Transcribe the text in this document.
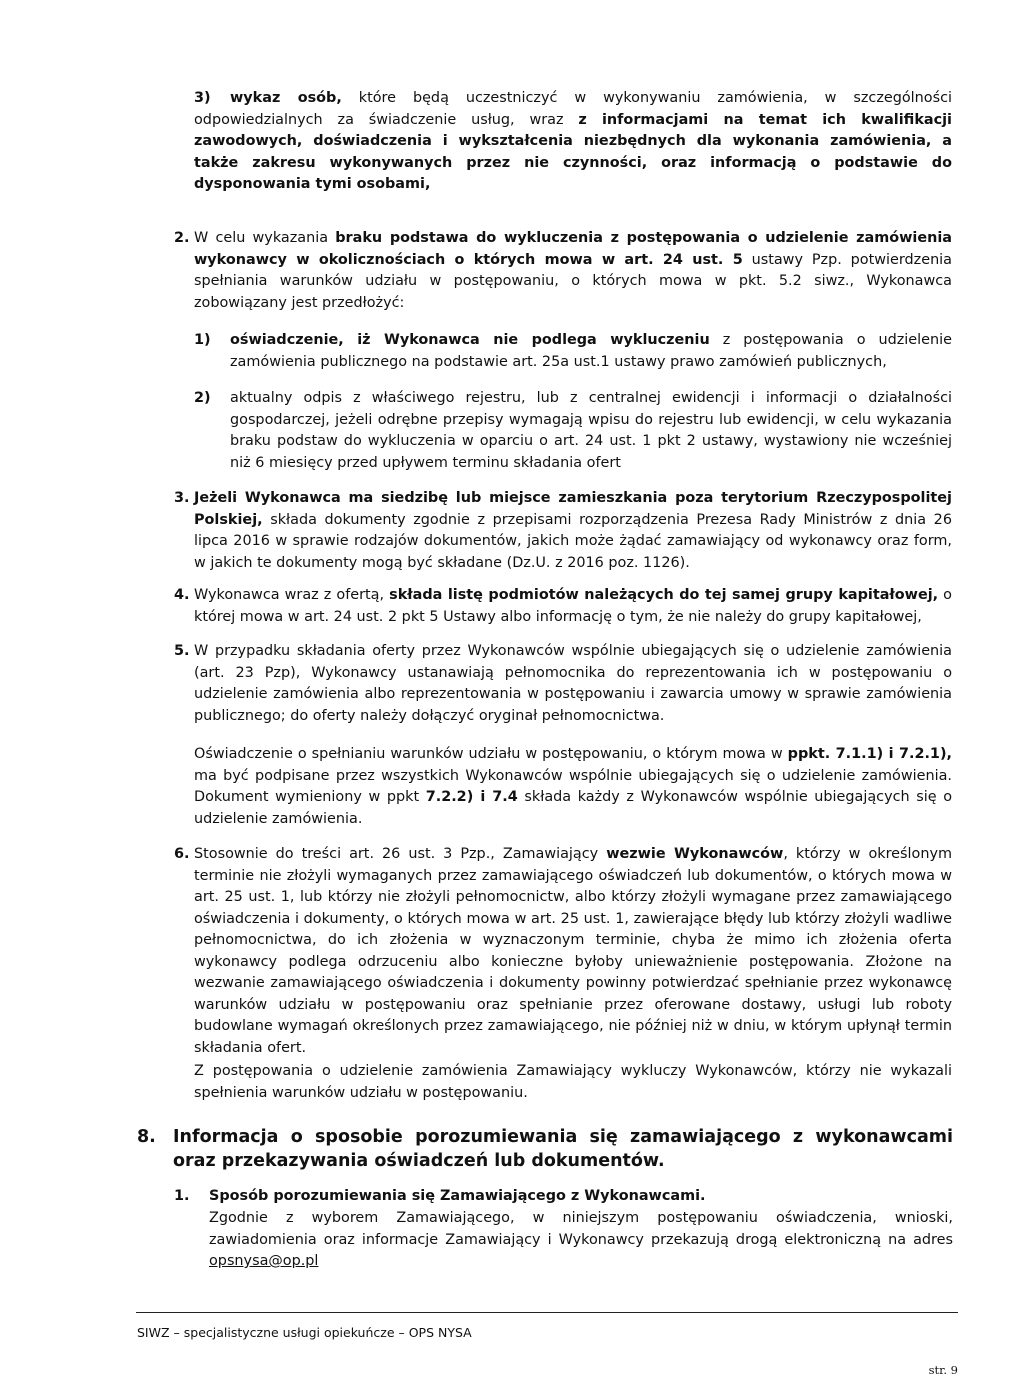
3)	wykaz osób, które będą uczestniczyć w wykonywaniu zamówienia, w szczególności odpowiedzialnych za świadczenie usług, wraz z informacjami na temat ich kwalifikacji zawodowych, doświadczenia i wykształcenia niezbędnych dla wykonania zamówienia, a także zakresu wykonywanych przez nie czynności, oraz informacją o podstawie do dysponowania tymi osobami,
2. W celu wykazania braku podstawa do wykluczenia z postępowania o udzielenie zamówienia wykonawcy w okolicznościach o których mowa w art. 24 ust. 5 ustawy Pzp. potwierdzenia spełniania warunków udziału w postępowaniu, o których mowa w pkt. 5.2 siwz., Wykonawca zobowiązany jest przedłożyć:
1) oświadczenie, iż Wykonawca nie podlega wykluczeniu z postępowania o udzielenie zamówienia publicznego na podstawie art. 25a ust.1 ustawy prawo zamówień publicznych,
2) aktualny odpis z właściwego rejestru, lub z centralnej ewidencji i informacji o działalności gospodarczej, jeżeli odrębne przepisy wymagają wpisu do rejestru lub ewidencji, w celu wykazania braku podstaw do wykluczenia w oparciu o art. 24 ust. 1 pkt 2 ustawy, wystawiony nie wcześniej niż 6 miesięcy przed upływem terminu składania ofert
3. Jeżeli Wykonawca ma siedzibę lub miejsce zamieszkania poza terytorium Rzeczypospolitej Polskiej, składa dokumenty zgodnie z przepisami rozporządzenia Prezesa Rady Ministrów z dnia 26 lipca 2016 w sprawie rodzajów dokumentów, jakich może żądać zamawiający od wykonawcy oraz form, w jakich te dokumenty mogą być składane (Dz.U. z 2016 poz. 1126).
4. Wykonawca wraz z ofertą, składa listę podmiotów należących do tej samej grupy kapitałowej, o której mowa w art. 24 ust. 2 pkt 5 Ustawy albo informację o tym, że nie należy do grupy kapitałowej,
5. W przypadku składania oferty przez Wykonawców wspólnie ubiegających się o udzielenie zamówienia (art. 23 Pzp), Wykonawcy ustanawiają pełnomocnika do reprezentowania ich w postępowaniu o udzielenie zamówienia albo reprezentowania w postępowaniu i zawarcia umowy w sprawie zamówienia publicznego; do oferty należy dołączyć oryginał pełnomocnictwa.
Oświadczenie o spełnianiu warunków udziału w postępowaniu, o którym mowa w ppkt. 7.1.1) i 7.2.1), ma być podpisane przez wszystkich Wykonawców wspólnie ubiegających się o udzielenie zamówienia. Dokument wymieniony w ppkt 7.2.2) i 7.4 składa każdy z Wykonawców wspólnie ubiegających się o udzielenie zamówienia.
6. Stosownie do treści art. 26 ust. 3 Pzp., Zamawiający wezwie Wykonawców, którzy w określonym terminie nie złożyli wymaganych przez zamawiającego oświadczeń lub dokumentów, o których mowa w art. 25 ust. 1, lub którzy nie złożyli pełnomocnictw, albo którzy złożyli wymagane przez zamawiającego oświadczenia i dokumenty, o których mowa w art. 25 ust. 1, zawierające błędy lub którzy złożyli wadliwe pełnomocnictwa, do ich złożenia w wyznaczonym terminie, chyba że mimo ich złożenia oferta wykonawcy podlega odrzuceniu albo konieczne byłoby unieważnienie postępowania. Złożone na wezwanie zamawiającego oświadczenia i dokumenty powinny potwierdzać spełnianie przez wykonawcę warunków udziału w postępowaniu oraz spełnianie przez oferowane dostawy, usługi lub roboty budowlane wymagań określonych przez zamawiającego, nie później niż w dniu, w którym upłynął termin składania ofert.
Z postępowania o udzielenie zamówienia Zamawiający wykluczy Wykonawców, którzy nie wykazali spełnienia warunków udziału w postępowaniu.
8. Informacja o sposobie porozumiewania się zamawiającego z wykonawcami oraz przekazywania oświadczeń lub dokumentów.
1. Sposób porozumiewania się Zamawiającego z Wykonawcami.
Zgodnie z wyborem Zamawiającego, w niniejszym postępowaniu oświadczenia, wnioski, zawiadomienia oraz informacje Zamawiający i Wykonawcy przekazują drogą elektroniczną na adres opsnysa@op.pl
SIWZ – specjalistyczne usługi opiekuńcze – OPS NYSA
str. 9
